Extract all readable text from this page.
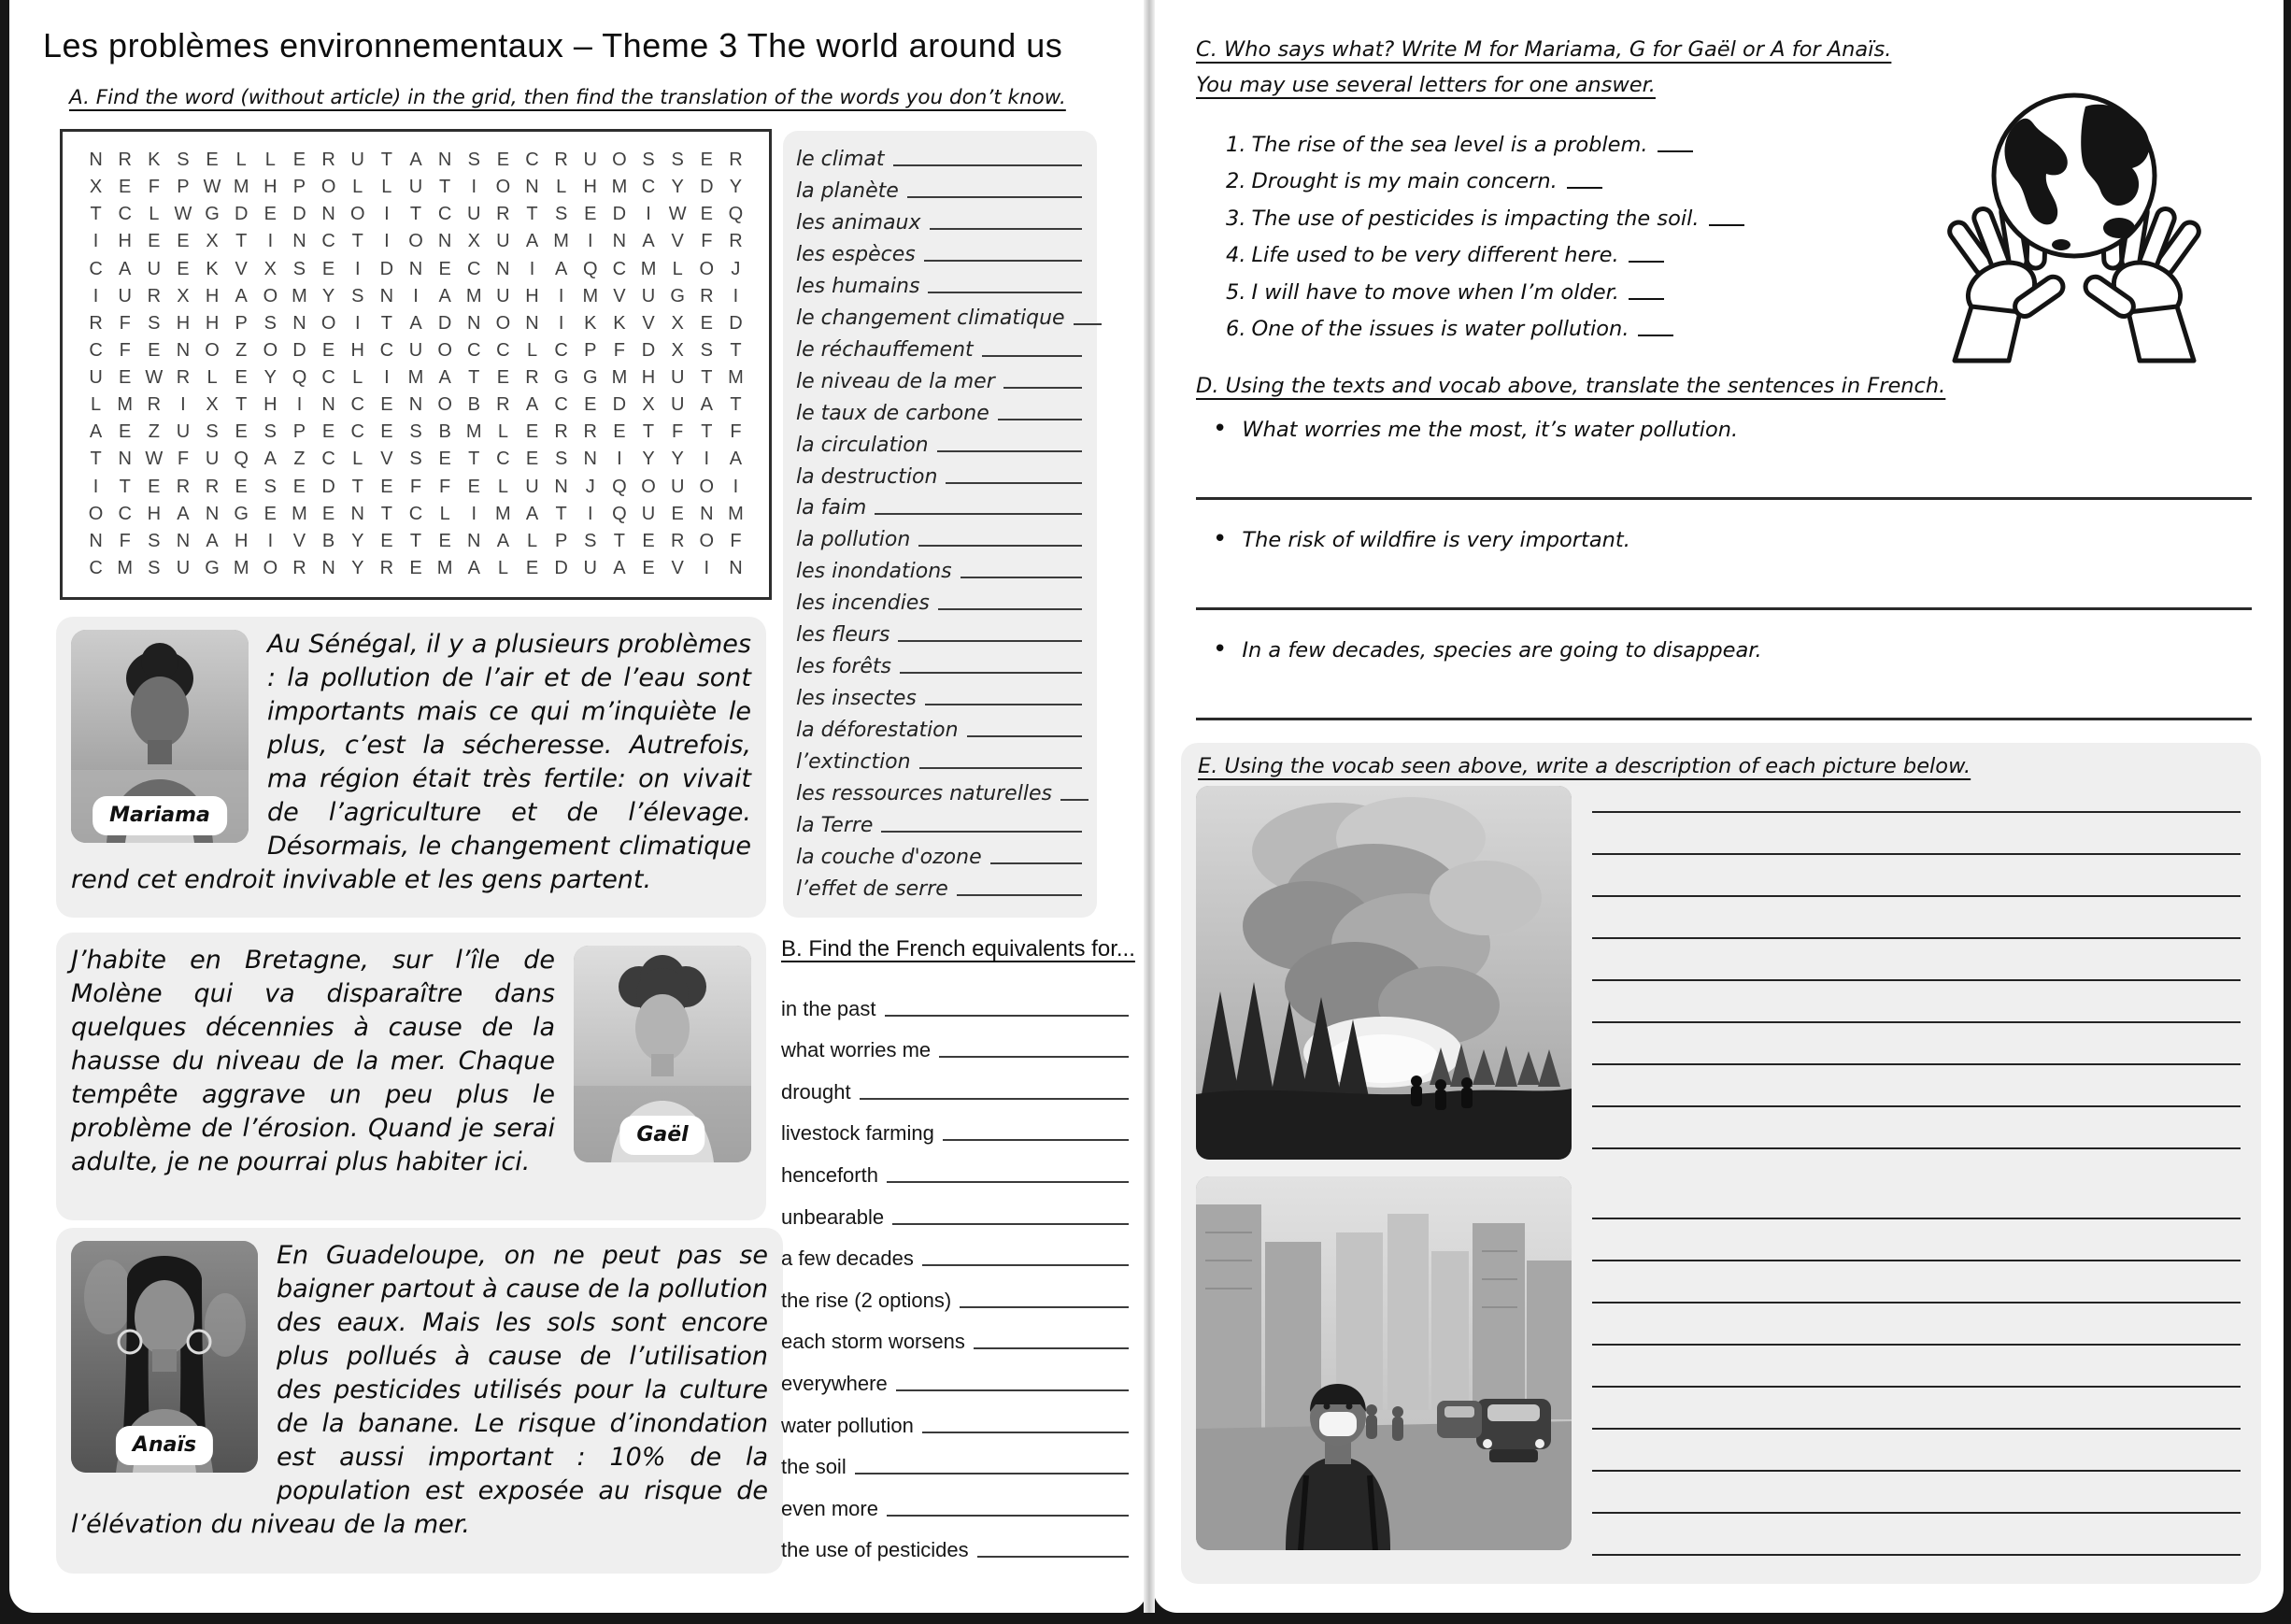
Les problèmes environnementaux – Theme 3 The world around us
A. Find the word (without article) in the grid, then find the translation of the words you don’t know.
N R K S E L	L E R U T A N S E C R U O S S E R
X E F P W M H P O L	L U T	I	O N L H M C Y D Y
T C L W G D E D N O	I	T C U R T S E D	I W E Q
I	H E E X T	I	N C T	I	O N X U A M	I	N A V F R
C A U E K V X S E	I	D N E C N	I	A Q C M L O J
I	U R X H A O M Y S N	I	A M U H	I	M V U G R	I
R F S H H P S N O	I	T A D N O N	I	K K V X E D
C F E N O Z O D E H C U O C C L C P F D X S T
U E W R L E Y Q C L	I	M A T E R G G M H U T M
L M R	I	X T H	I	N C E N O B R A C E D X U A T
A E Z U S E S P E C E S B M L E R R E T F T F
T N W F U Q A Z C L V S E T C E S N	I	Y Y	I	A
I	T E R R E S E D T E F F E L U N J Q O U O	I
O C H A N G E M E N T C L	I	M A T	I	Q U E N M
N F S N A H	I	V B Y E T E N A L P S T E R O F
C M S U G M O R N Y R E M A L E D U A E V	I	N
le climat
la planète
les animaux
les espèces
les humains
le changement climatique
le réchauffement
le niveau de la mer
le taux de carbone
la circulation
la destruction
la faim
la pollution
les inondations
les incendies
les fleurs
les forêts
les insectes
la déforestation
l’extinction
les ressources naturelles
la Terre
la couche d'ozone
l’effet de serre
Mariama
Au Sénégal, il y a plusieurs problèmes : la pollution de l’air et de l’eau sont importants mais ce qui m’inquiète le plus, c’est la sécheresse. Autrefois, ma région était très fertile: on vivait de l’agriculture et de l’élevage. Désormais, le changement climatique rend cet endroit invivable et les gens partent.
Gaël
J’habite en Bretagne, sur l’île de Molène qui va disparaître dans quelques décennies à cause de la hausse du niveau de la mer. Chaque tempête aggrave un peu plus le problème de l’érosion. Quand je serai adulte, je ne pourrai plus habiter ici.
Anaïs
En Guadeloupe, on ne peut pas se baigner partout à cause de la pollution des eaux. Mais les sols sont encore plus pollués à cause de l’utilisation des pesticides utilisés pour la culture de la banane. Le risque d’inondation est aussi important : 10% de la population est exposée au risque de l’élévation du niveau de la mer.
B. Find the French equivalents for...
in the past
what worries me
drought
livestock farming
henceforth
unbearable
a few decades
the rise (2 options)
each storm worsens
everywhere
water pollution
the soil
even more
the use of pesticides
C. Who says what? Write M for Mariama, G for Gaël or A for Anaïs.
You may use several letters for one answer.
1. The rise of the sea level is a problem.
2. Drought is my main concern.
3. The use of pesticides is impacting the soil.
4. Life used to be very different here.
5. I will have to move when I’m older.
6. One of the issues is water pollution.
D. Using the texts and vocab above, translate the sentences in French.
• What worries me the most, it’s water pollution.
• The risk of wildfire is very important.
• In a few decades, species are going to disappear.
E. Using the vocab seen above, write a description of each picture below.
